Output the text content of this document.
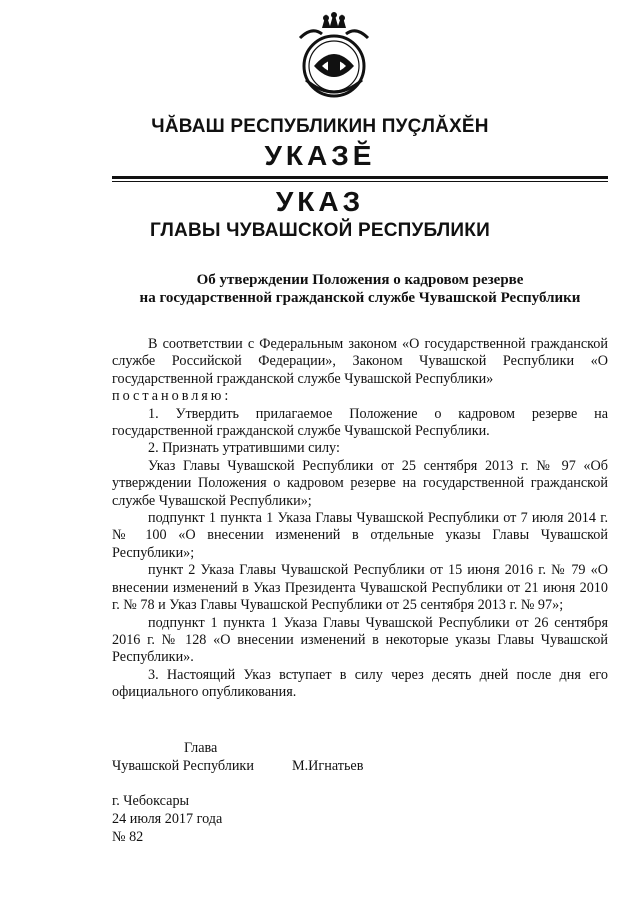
ЧĂВАШ РЕСПУБЛИКИН ПУÇЛĂХĔН
УКАЗĔ
УКАЗ
ГЛАВЫ ЧУВАШСКОЙ РЕСПУБЛИКИ
Об утверждении Положения о кадровом резерве
на государственной гражданской службе Чувашской Республики

В соответствии с Федеральным законом «О государственной гражданской службе Российской Федерации», Законом Чувашской Республики «О государственной гражданской службе Чувашской Республики»

постановляю:

1. Утвердить прилагаемое Положение о кадровом резерве на государственной гражданской службе Чувашской Республики.

2. Признать утратившими силу:

Указ Главы Чувашской Республики от 25 сентября 2013 г. № 97 «Об утверждении Положения о кадровом резерве на государственной гражданской службе Чувашской Республики»;

подпункт 1 пункта 1 Указа Главы Чувашской Республики от 7 июля 2014 г. № 100 «О внесении изменений в отдельные указы Главы Чувашской Республики»;

пункт 2 Указа Главы Чувашской Республики от 15 июня 2016 г. № 79 «О внесении изменений в Указ Президента Чувашской Республики от 21 июня 2010 г. № 78 и Указ Главы Чувашской Республики от 25 сентября 2013 г. № 97»;

подпункт 1 пункта 1 Указа Главы Чувашской Республики от 26 сентября 2016 г. № 128 «О внесении изменений в некоторые указы Главы Чувашской Республики».

3. Настоящий Указ вступает в силу через десять дней после дня его официального опубликования.

Глава
Чувашской Республики	М.Игнатьев
г. Чебоксары
24 июля 2017 года
№ 82
